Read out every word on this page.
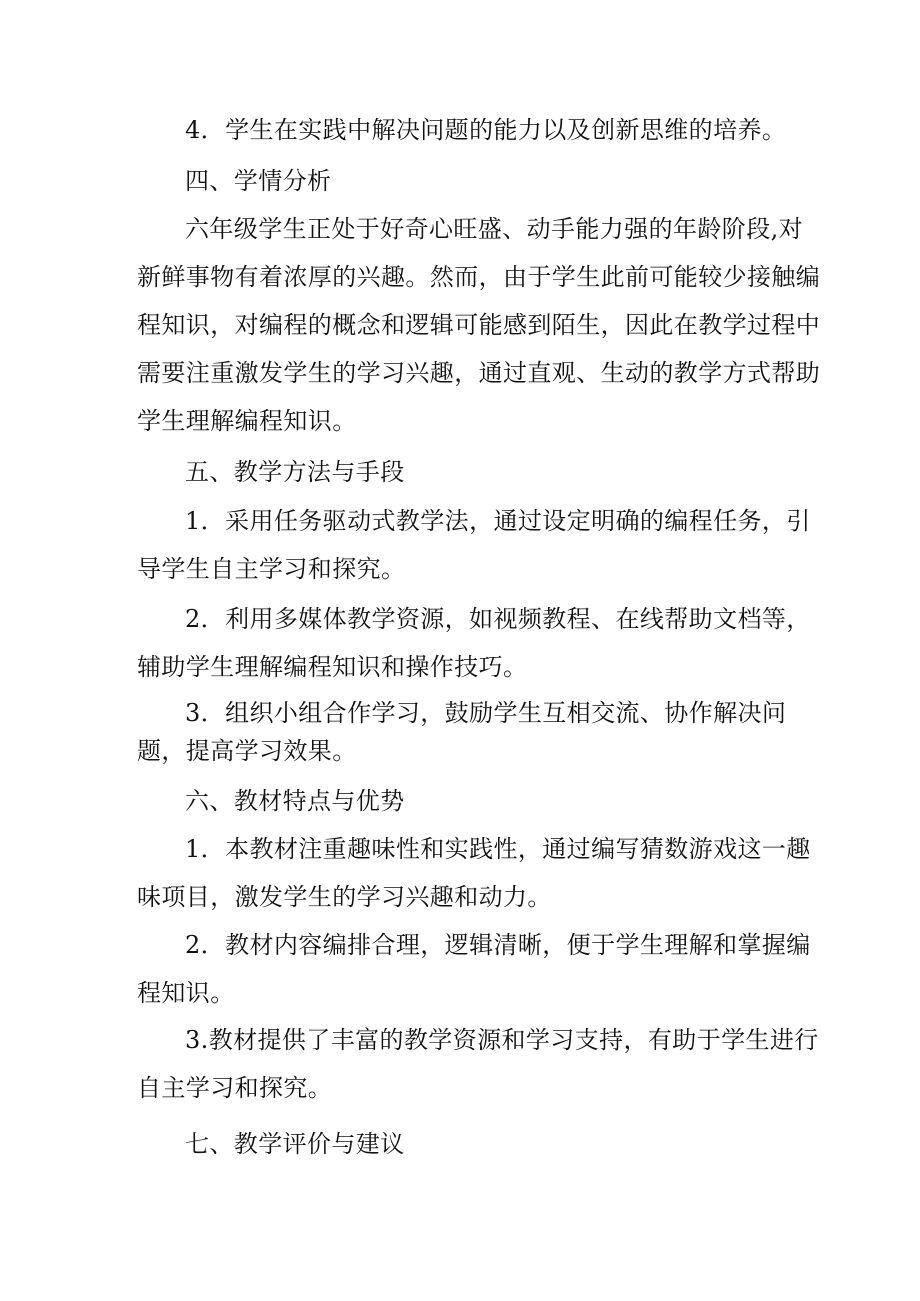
4．学生在实践中解决问题的能力以及创新思维的培养。
四、学情分析
六年级学生正处于好奇心旺盛、动手能力强的年龄阶段,对
新鲜事物有着浓厚的兴趣。然而，由于学生此前可能较少接触编
程知识，对编程的概念和逻辑可能感到陌生，因此在教学过程中
需要注重激发学生的学习兴趣，通过直观、生动的教学方式帮助
学生理解编程知识。
五、教学方法与手段
1．采用任务驱动式教学法，通过设定明确的编程任务，引
导学生自主学习和探究。
2．利用多媒体教学资源，如视频教程、在线帮助文档等，
辅助学生理解编程知识和操作技巧。
3．组织小组合作学习，鼓励学生互相交流、协作解决问
题，提高学习效果。
六、教材特点与优势
1．本教材注重趣味性和实践性，通过编写猜数游戏这一趣
味项目，激发学生的学习兴趣和动力。
2．教材内容编排合理，逻辑清晰，便于学生理解和掌握编
程知识。
3.教材提供了丰富的教学资源和学习支持，有助于学生进行
自主学习和探究。
七、教学评价与建议
